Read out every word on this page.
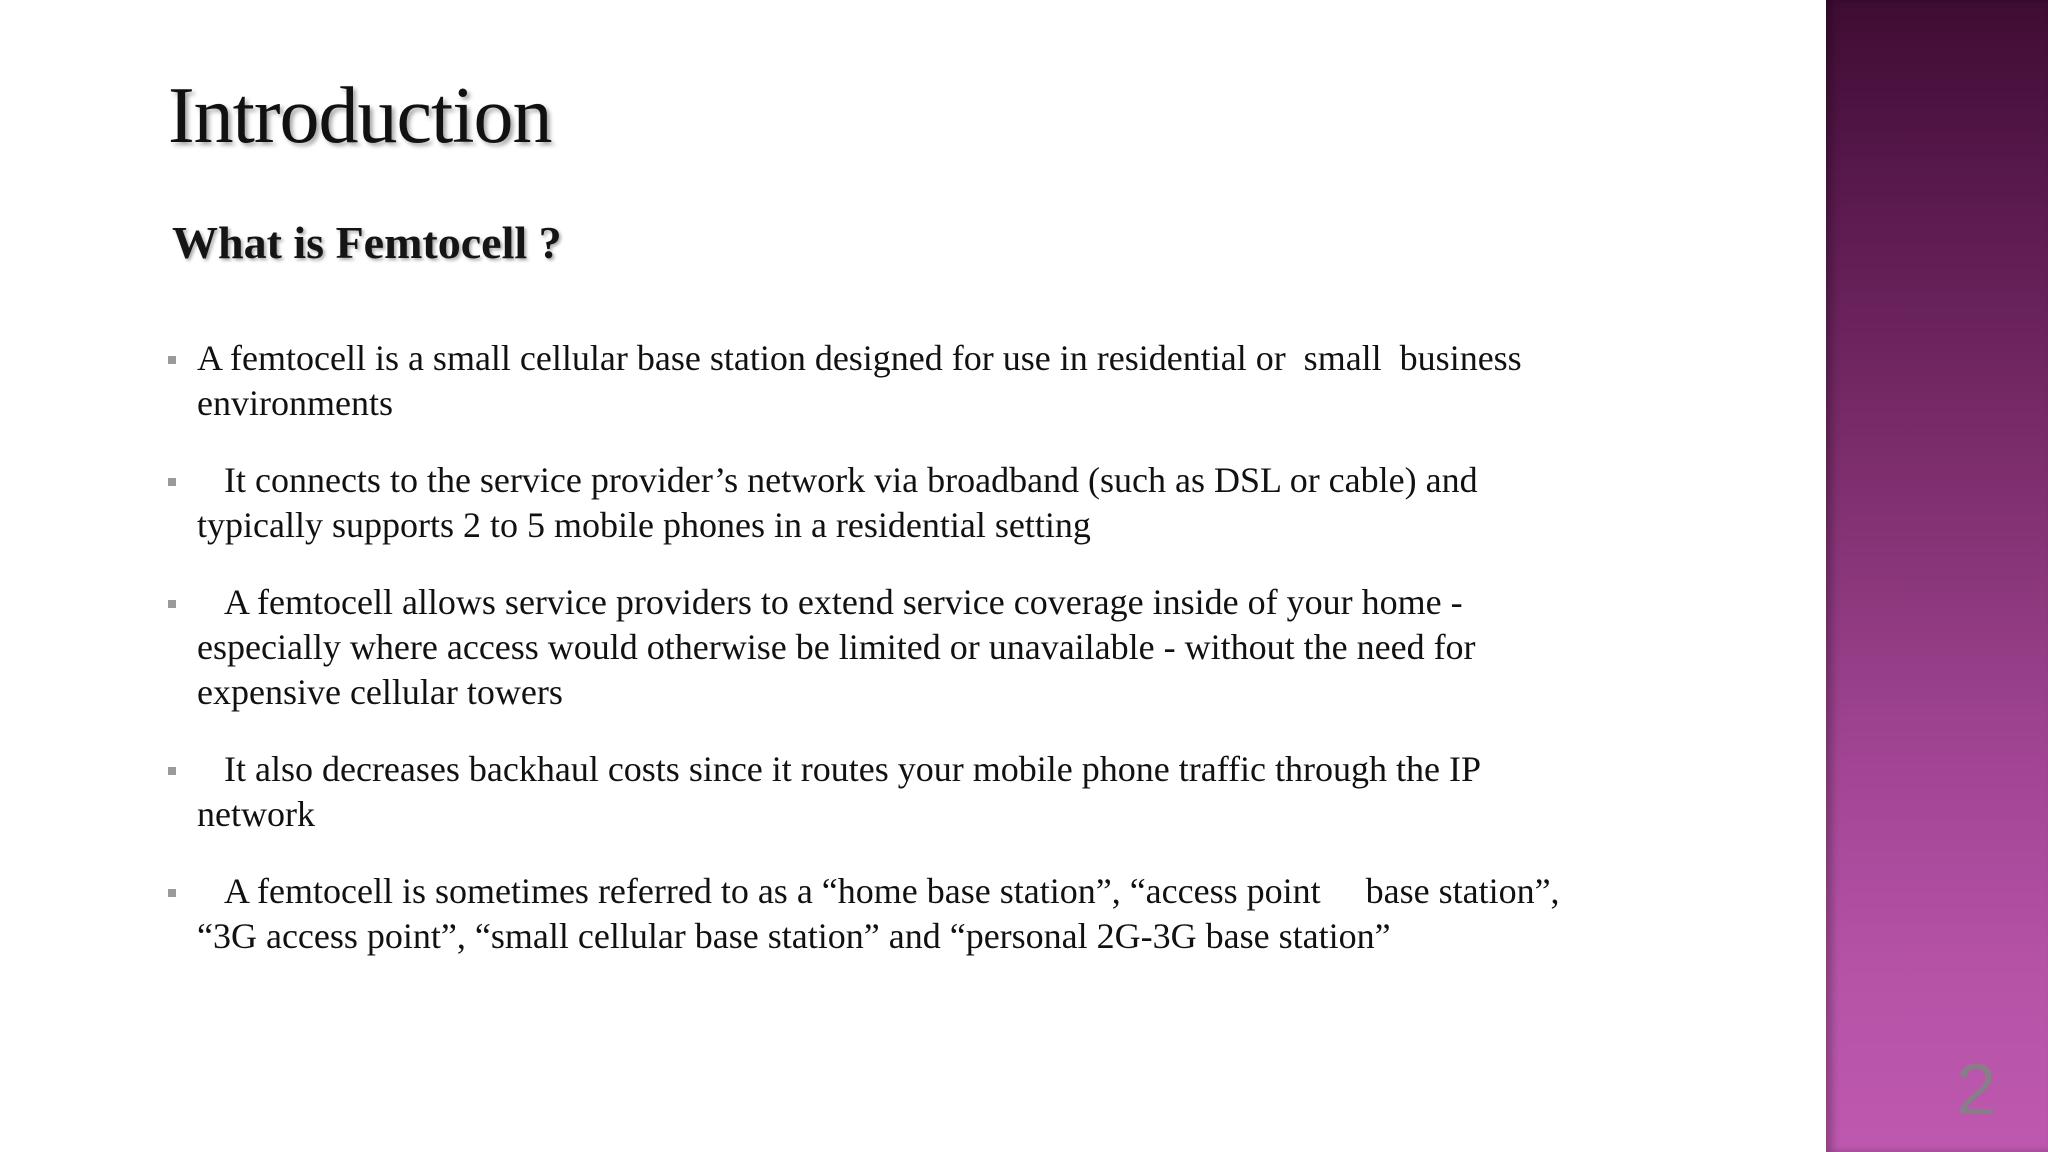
Introduction
What is Femtocell ?
A femtocell is a small cellular base station designed for use in residential or  small  business
environments
It connects to the service provider’s network via broadband (such as DSL or cable) and
typically supports 2 to 5 mobile phones in a residential setting
A femtocell allows service providers to extend service coverage inside of your home -
especially where access would otherwise be limited or unavailable - without the need for
expensive cellular towers
It also decreases backhaul costs since it routes your mobile phone traffic through the IP
network
A femtocell is sometimes referred to as a “home base station”, “access point     base station”,
“3G access point”, “small cellular base station” and “personal 2G-3G base station”
2
